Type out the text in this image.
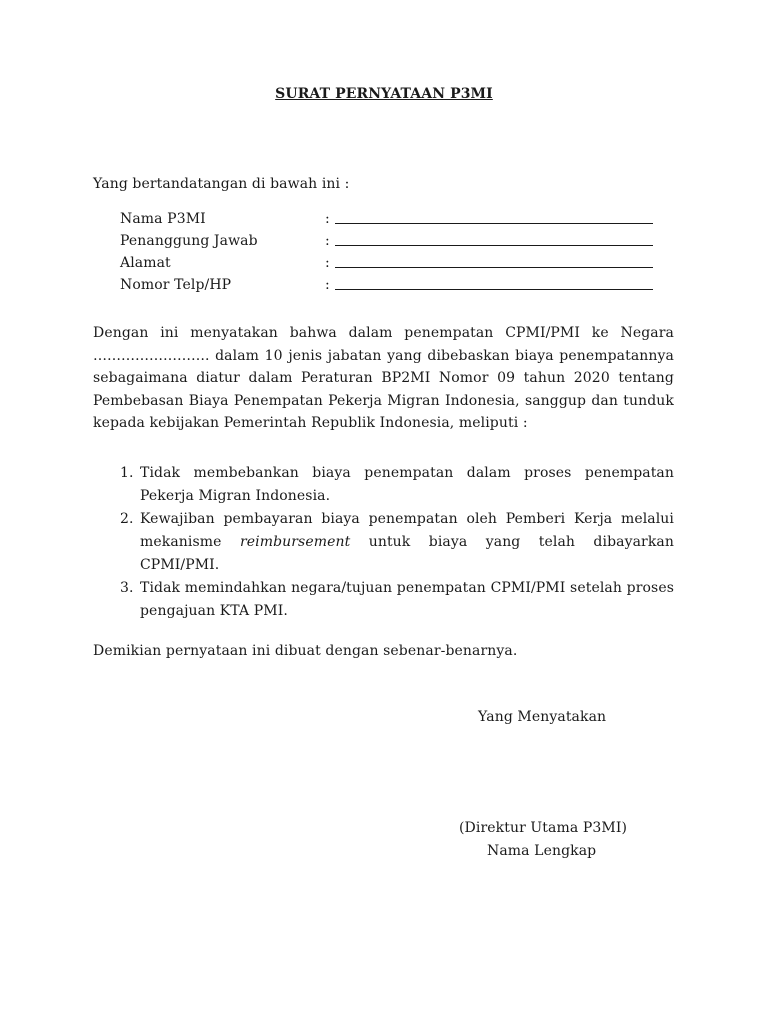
SURAT PERNYATAAN P3MI
Yang bertandatangan di bawah ini :
Nama P3MI	:
Penanggung Jawab	:
Alamat	:
Nomor Telp/HP	:
Dengan ini menyatakan bahwa dalam penempatan CPMI/PMI ke Negara ……………………. dalam 10 jenis jabatan yang dibebaskan biaya penempatannya sebagaimana diatur dalam Peraturan BP2MI Nomor 09 tahun 2020 tentang Pembebasan Biaya Penempatan Pekerja Migran Indonesia, sanggup dan tunduk kepada kebijakan Pemerintah Republik Indonesia, meliputi :
1. Tidak membebankan biaya penempatan dalam proses penempatan Pekerja Migran Indonesia.
2. Kewajiban pembayaran biaya penempatan oleh Pemberi Kerja melalui mekanisme reimbursement untuk biaya yang telah dibayarkan CPMI/PMI.
3. Tidak memindahkan negara/tujuan penempatan CPMI/PMI setelah proses pengajuan KTA PMI.
Demikian pernyataan ini dibuat dengan sebenar-benarnya.
Yang Menyatakan
(Direktur Utama P3MI)
Nama Lengkap
